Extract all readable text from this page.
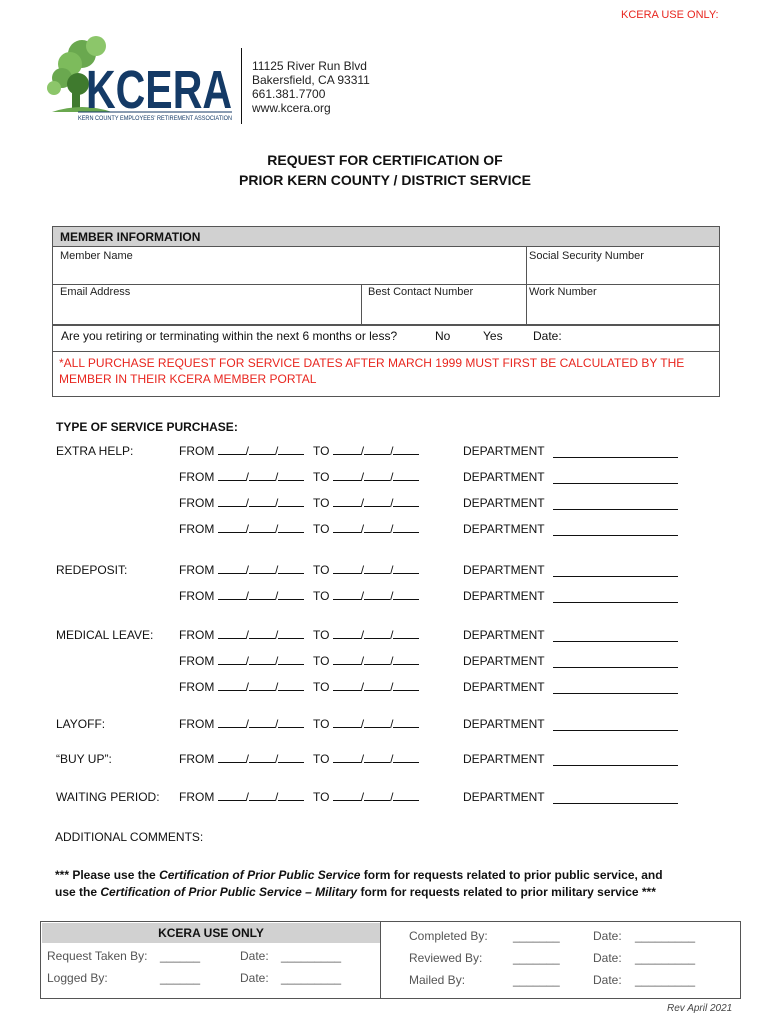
KCERA USE ONLY:
KCERA
KERN COUNTY EMPLOYEES' RETIREMENT ASSOCIATION
11125 River Run Blvd
Bakersfield, CA 93311
661.381.7700
www.kcera.org
REQUEST FOR CERTIFICATION OF
PRIOR KERN COUNTY / DISTRICT SERVICE
MEMBER INFORMATION
Member Name	Social Security Number
Email Address	Best Contact Number	Work Number
Are you retiring or terminating within the next 6 months or less?	No	Yes	Date:
*ALL PURCHASE REQUEST FOR SERVICE DATES AFTER MARCH 1999 MUST FIRST BE CALCULATED BY THE
MEMBER IN THEIR KCERA MEMBER PORTAL
TYPE OF SERVICE PURCHASE:
EXTRA HELP:	FROM	/ /	TO	/ /	DEPARTMENT
FROM	/ /	TO	/ /	DEPARTMENT
FROM	/ /	TO	/ /	DEPARTMENT
FROM	/ /	TO	/ /	DEPARTMENT
REDEPOSIT:	FROM	/ /	TO	/ /	DEPARTMENT
FROM	/ /	TO	/ /	DEPARTMENT
MEDICAL LEAVE: FROM	/ /	TO	/ /	DEPARTMENT
FROM	/ /	TO	/ /	DEPARTMENT
FROM	/ /	TO	/ /	DEPARTMENT
LAYOFF:	FROM	/ /	TO	/ /	DEPARTMENT
“BUY UP”:	FROM	/ /	TO	/ /	DEPARTMENT
WAITING PERIOD: FROM	/ /	TO	/ /	DEPARTMENT
ADDITIONAL COMMENTS:
*** Please use the Certification of Prior Public Service form for requests related to prior public service, and
use the Certification of Prior Public Service – Military form for requests related to prior military service ***
KCERA USE ONLY
Request Taken By: ______	Date: _________
Logged By:	______	Date: _________
Completed By: _______	Date: _________
Reviewed By:	_______	Date: _________
Mailed By:	_______	Date: _________
Rev April 2021
